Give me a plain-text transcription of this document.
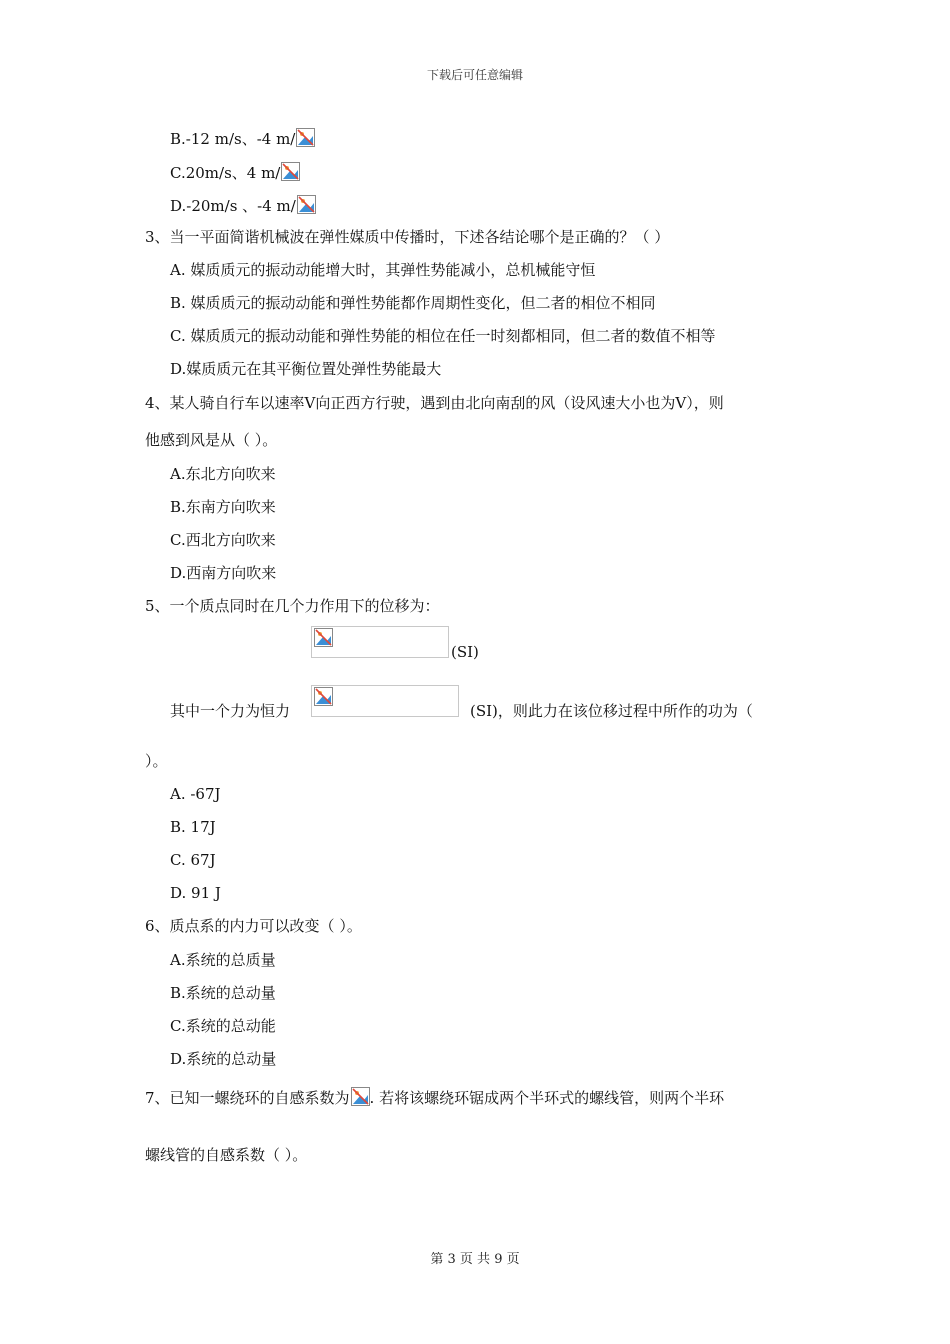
下载后可任意编辑
B.-12 m/s、-4 m/
C.20m/s、4 m/
D.-20m/s 、-4 m/
3、当一平面简谐机械波在弹性媒质中传播时，下述各结论哪个是正确的？（ ）
A. 媒质质元的振动动能增大时，其弹性势能减小，总机械能守恒
B. 媒质质元的振动动能和弹性势能都作周期性变化，但二者的相位不相同
C. 媒质质元的振动动能和弹性势能的相位在任一时刻都相同，但二者的数值不相等
D.媒质质元在其平衡位置处弹性势能最大
4、某人骑自行车以速率V向正西方行驶，遇到由北向南刮的风（设风速大小也为V），则
他感到风是从（ ）。
A.东北方向吹来
B.东南方向吹来
C.西北方向吹来
D.西南方向吹来
5、一个质点同时在几个力作用下的位移为：
(SI)
其中一个力为恒力	(SI)，则此力在该位移过程中所作的功为（
）。
A. -67J
B. 17J
C. 67J
D. 91 J
6、质点系的内力可以改变（ ）。
A.系统的总质量
B.系统的总动量
C.系统的总动能
D.系统的总动量
7、已知一螺绕环的自感系数为 . 若将该螺绕环锯成两个半环式的螺线管，则两个半环
螺线管的自感系数（ ）。
第 3 页 共 9 页
